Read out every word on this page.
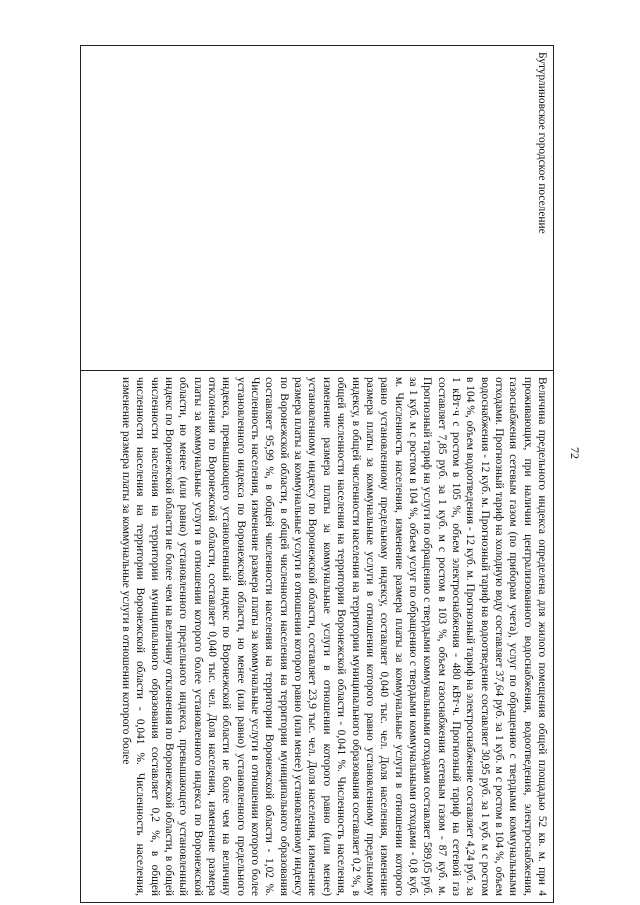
72
Бутурлиновское городское поселение
Величина предельного индекса определена для жилого помещения общей площадью 52 кв. м. при 4 проживающих, при наличии централизованного водоснабжения, водоотведения, электроснабжения, газоснабжения сетевым газом (по приборам учета), услуг по обращению с твердыми коммунальными отходами. Прогнозный тариф на холодную воду составляет 37,64 руб. за 1 куб. м с ростом в 104 %, объем водоснабжения - 12 куб. м. Прогнозный тариф на водоотведение составляет 30,95 руб. за 1 куб. м с ростом в 104 %, объем водоотведения - 12 куб. м. Прогнозный тариф на электроснабжение составляет 4,24 руб. за 1 кВт·ч с ростом в 105 %, объем электроснабжения - 480 кВт·ч. Прогнозный тариф на сетевой газ составляет 7,85 руб. за 1 куб. м с ростом в 103 %, объем газоснабжения сетевым газом - 87 куб. м. Прогнозный тариф на услуги по обращению с твердыми коммунальными отходами составляет 589,05 руб. за 1 куб. м с ростом в 104 %, объем услуг по обращению с твердыми коммунальными отходами - 0,8 куб. м. Численность населения, изменение размера платы за коммунальные услуги в отношении которого равно установленному предельному индексу, составляет 0,040 тыс. чел. Доля населения, изменение размера платы за коммунальные услуги в отношении которого равно установленному предельному индексу, в общей численности населения на территории муниципального образования составляет 0,2 %, в общей численности населения на территории Воронежской области - 0,041 %. Численность населения, изменение размера платы за коммунальные услуги в отношении которого равно (или менее) установленному индексу по Воронежской области, составляет 23,9 тыс. чел. Доля населения, изменение размера платы за коммунальные услуги в отношении которого равно (или менее) установленному индексу по Воронежской области, в общей численности населения на территории муниципального образования составляет 95,99 %, в общей численности населения на территории Воронежской области - 1,02 %. Численность населения, изменение размера платы за коммунальные услуги в отношении которого более установленного индекса по Воронежской области, но менее (или равно) установленного предельного индекса, превышающего установленный индекс по Воронежской области не более чем на величину отклонения по Воронежской области, составляет 0,040 тыс. чел. Доля населения, изменение размера платы за коммунальные услуги в отношении которого более установленного индекса по Воронежской области, но менее (или равно) установленного предельного индекса, превышающего установленный индекс по Воронежской области не более чем на величину отклонения по Воронежской области, в общей численности населения на территории муниципального образования составляет 0,2 %, в общей численности населения на территории Воронежской области - 0,041 %. Численность населения, изменение размера платы за коммунальные услуги в отношении которого более
